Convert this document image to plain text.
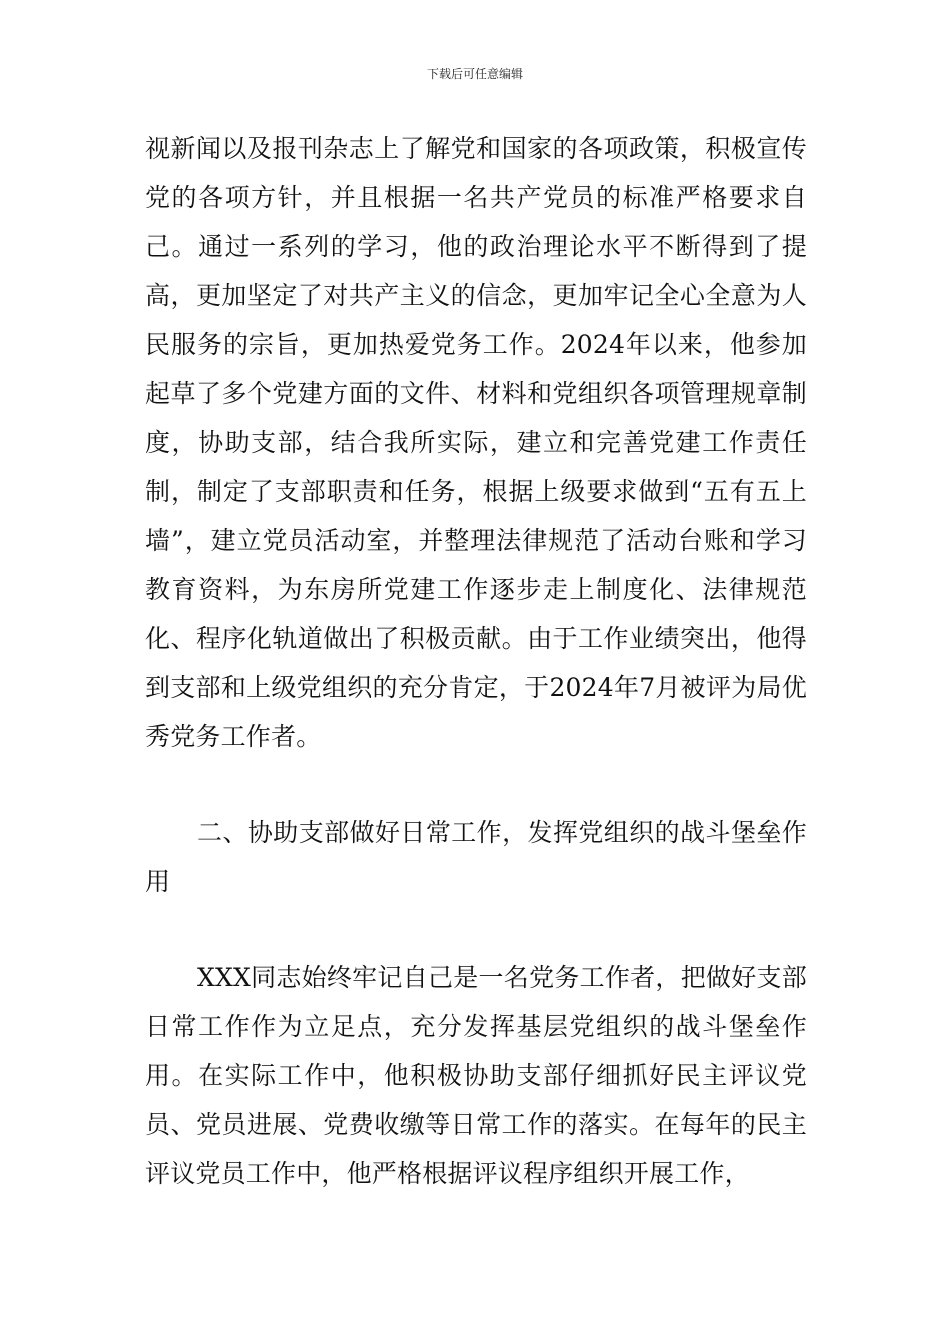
下载后可任意编辑

视新闻以及报刊杂志上了解党和国家的各项政策，积极宣传党的各项方针，并且根据一名共产党员的标准严格要求自己。通过一系列的学习，他的政治理论水平不断得到了提高，更加坚定了对共产主义的信念，更加牢记全心全意为人民服务的宗旨，更加热爱党务工作。2024年以来，他参加起草了多个党建方面的文件、材料和党组织各项管理规章制度，协助支部，结合我所实际，建立和完善党建工作责任制，制定了支部职责和任务，根据上级要求做到“五有五上墙”，建立党员活动室，并整理法律规范了活动台账和学习教育资料，为东房所党建工作逐步走上制度化、法律规范化、程序化轨道做出了积极贡献。由于工作业绩突出，他得到支部和上级党组织的充分肯定，于2024年7月被评为局优秀党务工作者。

二、协助支部做好日常工作，发挥党组织的战斗堡垒作用

XXX同志始终牢记自己是一名党务工作者，把做好支部日常工作作为立足点，充分发挥基层党组织的战斗堡垒作用。在实际工作中，他积极协助支部仔细抓好民主评议党员、党员进展、党费收缴等日常工作的落实。在每年的民主评议党员工作中，他严格根据评议程序组织开展工作，
